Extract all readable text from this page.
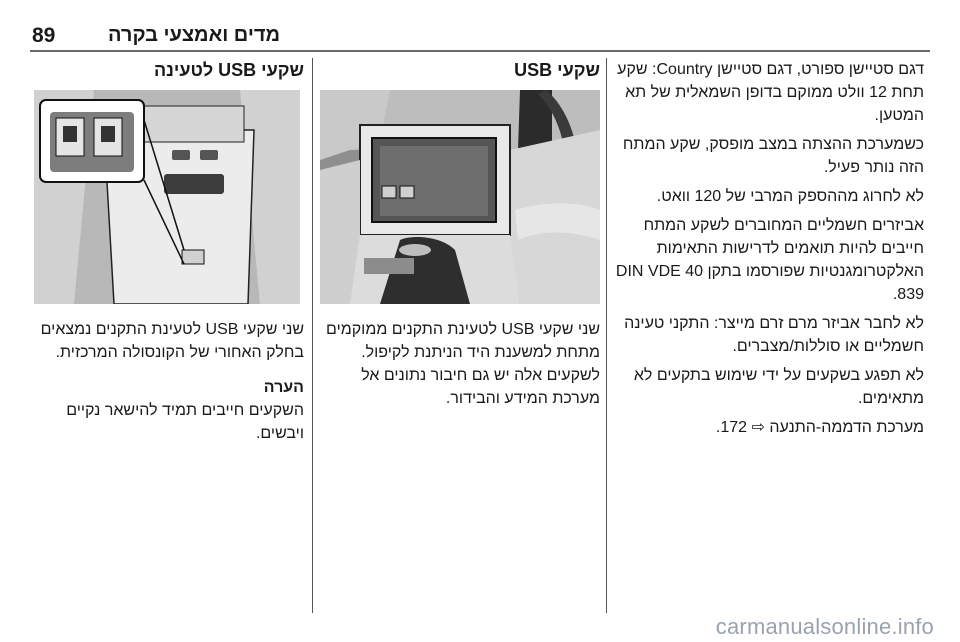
89	מדים ואמצעי בקרה

דגם סטיישן ספורט, דגם סטיישן Country: שקע תחת 12 וולט ממוקם בדופן השמאלית של תא המטען.

כשמערכת ההצתה במצב מופסק, שקע המתח הזה נותר פעיל.

לא לחרוג מההספק המרבי של 120 וואט.

אביזרים חשמליים המחוברים לשקע המתח חייבים להיות תואמים לדרישות התאימות האלקטרומגנטיות שפורסמו בתקן DIN VDE 40 839.

לא לחבר אביזר מרם זרם מייצר: התקני טעינה חשמליים או סוללות/מצברים.

לא תפגע בשקעים על ידי שימוש בתקעים לא מתאימים.

מערכת הדממה-התנעה ⇨ 172.

שקעי USB

שני שקעי USB לטעינת התקנים ממוקמים מתחת למשענת היד הניתנת לקיפול. לשקעים אלה יש גם חיבור נתונים אל מערכת המידע והבידור.

שקעי USB לטעינה

שני שקעי USB לטעינת התקנים נמצאים בחלק האחורי של הקונסולה המרכזית.

הערה

השקעים חייבים תמיד להישאר נקיים ויבשים.

carmanualsonline.info
